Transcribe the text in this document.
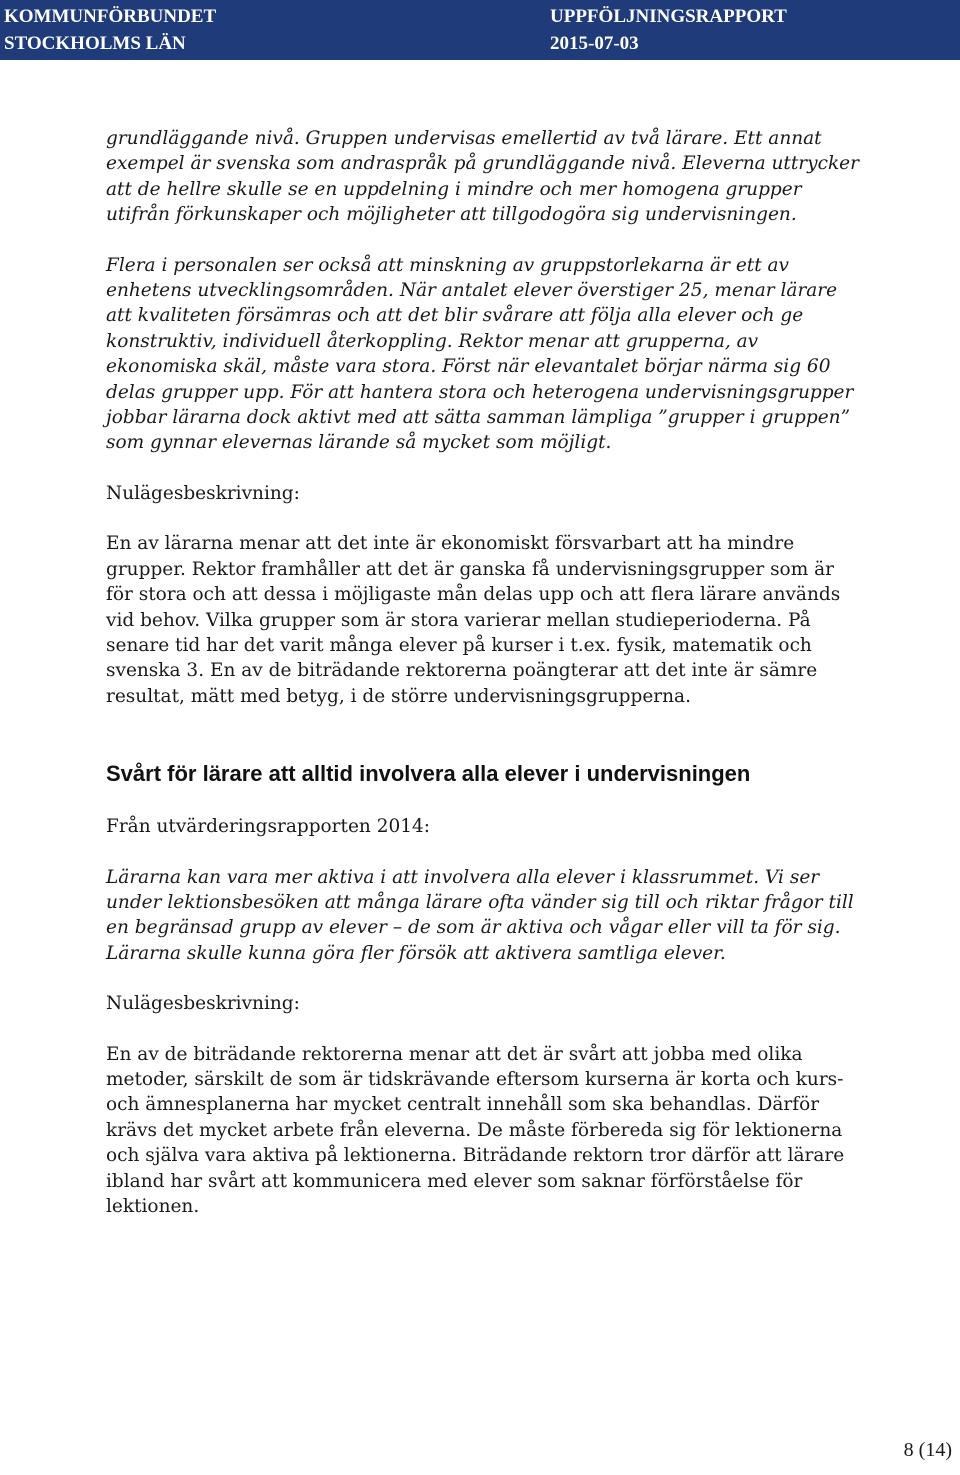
KOMMUNFÖRBUNDET
STOCKHOLMS LÄN
UPPFÖLJNINGSRAPPORT
2015-07-03

grundläggande nivå. Gruppen undervisas emellertid av två lärare. Ett annat exempel är svenska som andraspråk på grundläggande nivå. Eleverna uttrycker att de hellre skulle se en uppdelning i mindre och mer homogena grupper utifrån förkunskaper och möjligheter att tillgodogöra sig undervisningen.

Flera i personalen ser också att minskning av gruppstorlekarna är ett av enhetens utvecklingsområden. När antalet elever överstiger 25, menar lärare att kvaliteten försämras och att det blir svårare att följa alla elever och ge konstruktiv, individuell återkoppling. Rektor menar att grupperna, av ekonomiska skäl, måste vara stora. Först när elevantalet börjar närma sig 60 delas grupper upp. För att hantera stora och heterogena undervisningsgrupper jobbar lärarna dock aktivt med att sätta samman lämpliga ”grupper i gruppen” som gynnar elevernas lärande så mycket som möjligt.

Nulägesbeskrivning:

En av lärarna menar att det inte är ekonomiskt försvarbart att ha mindre grupper. Rektor framhåller att det är ganska få undervisningsgrupper som är för stora och att dessa i möjligaste mån delas upp och att flera lärare används vid behov. Vilka grupper som är stora varierar mellan studieperioderna. På senare tid har det varit många elever på kurser i t.ex. fysik, matematik och svenska 3. En av de biträdande rektorerna poängterar att det inte är sämre resultat, mätt med betyg, i de större undervisningsgrupperna.

Svårt för lärare att alltid involvera alla elever i undervisningen

Från utvärderingsrapporten 2014:

Lärarna kan vara mer aktiva i att involvera alla elever i klassrummet. Vi ser under lektionsbesöken att många lärare ofta vänder sig till och riktar frågor till en begränsad grupp av elever – de som är aktiva och vågar eller vill ta för sig. Lärarna skulle kunna göra fler försök att aktivera samtliga elever.

Nulägesbeskrivning:

En av de biträdande rektorerna menar att det är svårt att jobba med olika metoder, särskilt de som är tidskrävande eftersom kurserna är korta och kurs- och ämnesplanerna har mycket centralt innehåll som ska behandlas. Därför krävs det mycket arbete från eleverna. De måste förbereda sig för lektionerna och själva vara aktiva på lektionerna. Biträdande rektorn tror därför att lärare ibland har svårt att kommunicera med elever som saknar förförståelse för lektionen.

8 (14)
